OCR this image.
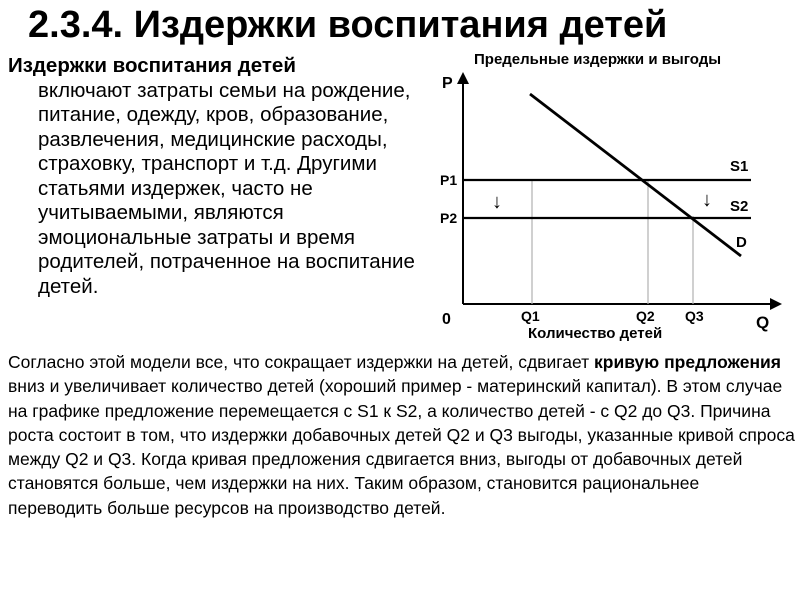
2.3.4. Издержки воспитания детей
Издержки воспитания детей
включают затраты семьи на рождение, питание, одежду, кров, образование, развлечения, медицинские расходы, страховку, транспорт и т.д. Другими статьями издержек, часто не учитываемыми, являются эмоциональные затраты и время родителей, потраченное на воспитание детей.
Предельные издержки и выгоды
P
Q
0
P1
P2
Q1	Q2 Q3
S1
S2
D
↓	↓
Количество детей
Согласно этой модели все, что сокращает издержки на детей, сдвигает кривую предложения вниз и увеличивает количество детей (хороший пример - материнский капитал). В этом случае на графике предложение перемещается с S1 к S2, а количество детей - с Q2 до Q3. Причина роста состоит в том, что издержки добавочных детей Q2 и Q3 выгоды, указанные кривой спроса между Q2 и Q3. Когда кривая предложения сдвигается вниз, выгоды от добавочных детей становятся больше, чем издержки на них. Таким образом, становится рациональнее переводить больше ресурсов на производство детей.
